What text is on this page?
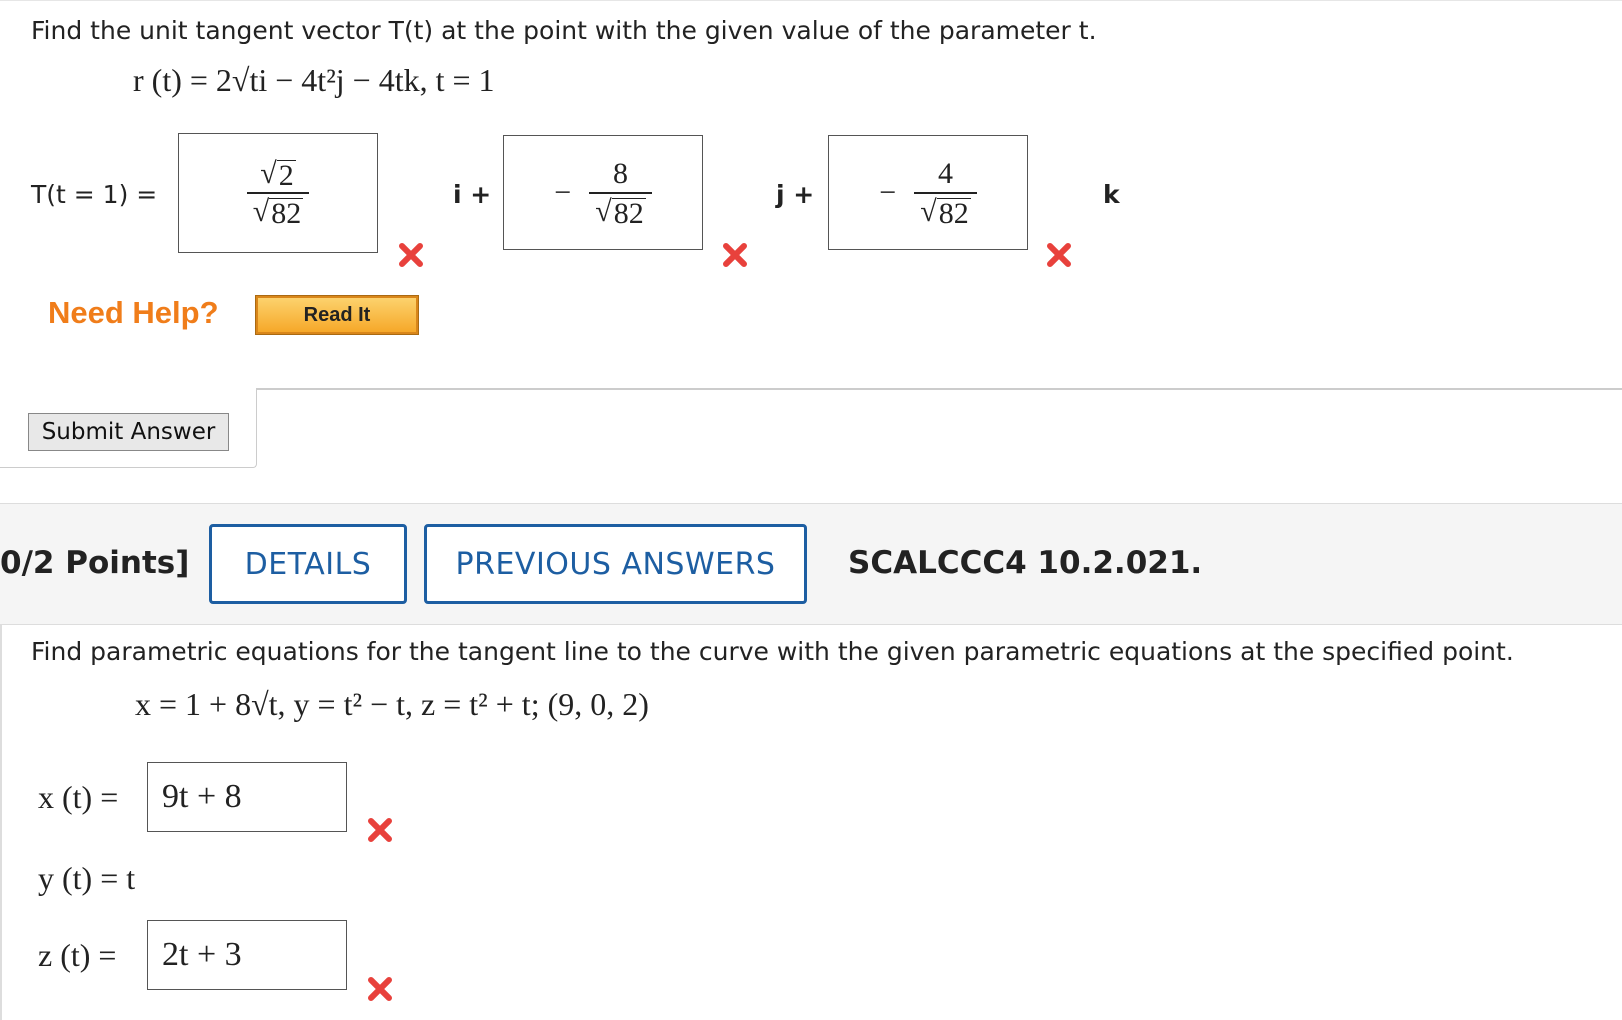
Find the unit tangent vector T(t) at the point with the given value of the parameter t.
r (t) = 2√ti − 4t²j − 4tk, t = 1
T(t = 1) =	$\frac{√ 2}{√ 82}$	i + − $\frac{8}{√ 82}$	j + − $\frac{4}{√ 82}$	k
Need Help?	Read It
Submit Answer
0/2 Points] DETAILS	PREVIOUS ANSWERS SCALCCC4 10.2.021.
Find parametric equations for the tangent line to the curve with the given parametric equations at the specified point.
x = 1 + 8√t, y = t² − t, z = t² + t; (9, 0, 2)
x (t) = 9t + 8
y (t) = t
z (t) = 2t + 3
